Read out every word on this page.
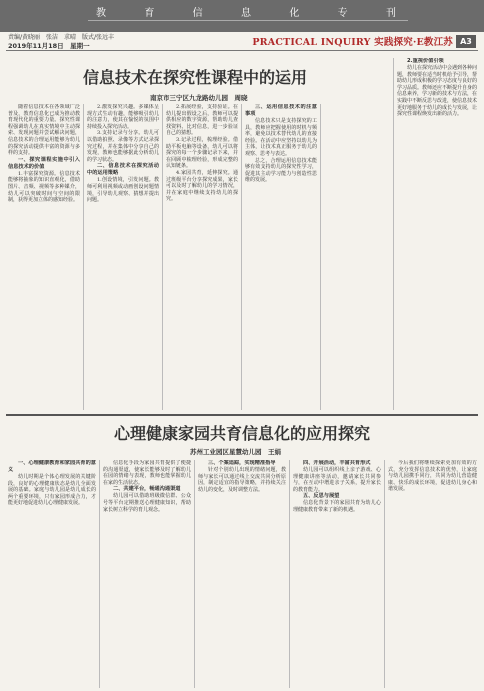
教	育	信	息	化	专	刊
责编/黄晓丽　张洁　求晴　版式/张远丰
2019年11月18日　星期一	PRACTICAL INQUIRY 实践探究·E教江苏 A3
信息技术在探究性课程中的运用
南京市三宁区九龙路幼儿园　周晓

随着信息技术在各领域广泛普及，教育信息化已成为推动教育现代化的重要力量。探究性课程强调幼儿在真实情境中主动探索、发现问题并尝试解决问题，信息技术的合理运用能够为幼儿的探究活动提供丰富的资源与多样的支持。

一、探究课程实施中引入信息技术的价值

1.丰富探究资源。信息技术能够将抽象的知识直观化，借助图片、音频、视频等多种媒介，幼儿可以突破时间与空间的限制，获得更加立体的感知经验。

2.激发探究兴趣。多媒体呈现方式生动有趣，能够吸引幼儿的注意力，使其在愉悦的氛围中持续投入探究活动。

3.支持记录与分享。幼儿可以借助拍照、录像等方式记录探究过程，并在集体中分享自己的发现，教师也能够据此分析幼儿的学习状态。

二、信息技术在探究活动中的运用策略

1.创设情境，引发问题。教师可利用视频或动画创设问题情境，引导幼儿观察、猜想并提出问题。

2.拓展经验，支持验证。在幼儿提出假设之后，教师可以提供相应的数字资源，帮助幼儿查找资料、比对信息，进一步验证自己的猜想。

3.记录过程，梳理经验。借助平板电脑等设备，幼儿可以将探究的每一个步骤记录下来，并在回顾中梳理经验，形成完整的认知链条。

4.家园共育，延伸探究。通过班级平台分享探究成果，家长可以及时了解幼儿的学习情况，并在家庭中继续支持幼儿的探究。

三、运用信息技术的注意事项

信息技术只是支持探究的工具，教师应把握使用的时机与频率，避免以技术替代幼儿的直接经验。在活动中应坚持以幼儿为主体，让技术真正服务于幼儿的观察、思考与表达。

总之，合理运用信息技术能够有效支持幼儿的探究性学习，促进其主动学习能力与创造性思维的发展。

2.重视价值引领

幼儿在探究活动中会遇到各种问题，教师要在适当时机给予引导，帮助幼儿形成积极的学习态度与良好的学习品质。教师还应不断提升自身的信息素养，学习新的技术与方法，在实践中不断反思与改进，使信息技术更好地服务于幼儿的成长与发展，让探究性课程焕发出新的活力。

心理健康家园共育信息化的应用探究
苏州工业园区星慧幼儿园　王娟

一、心理健康教育和家园共育的意义

幼儿时期是个体心理发展的关键阶段，良好的心理健康状态是幼儿全面发展的基础。家庭与幼儿园是幼儿成长的两个重要环境，只有家园形成合力，才能更好地促进幼儿心理健康发展。

信息化手段为家园共育提供了便捷的沟通渠道，使家长能够及时了解幼儿在园的情绪与表现，教师也能掌握幼儿在家的生活状态。

二、共建平台，畅通沟通渠道

幼儿园可以借助班级微信群、公众号等平台定期推送心理健康知识，帮助家长树立科学的育儿观念。

三、个案追踪，实现精准指导

针对个别幼儿出现的情绪问题，教师与家长可以通过线上交流共同分析原因，制定适宜的指导策略，并持续关注幼儿的变化，及时调整方法。

四、开展活动，丰富共育形式

幼儿园可以组织线上亲子游戏、心理健康讲座等活动，邀请家长共同参与，在互动中增进亲子关系，提升家长的教育能力。

五、反思与展望

信息化背景下的家园共育为幼儿心理健康教育带来了新的机遇。

今后我们将继续探索更加有效的方式，充分发挥信息技术的优势，让家庭与幼儿园携手同行，共同为幼儿营造健康、快乐的成长环境，促进幼儿身心和谐发展。
